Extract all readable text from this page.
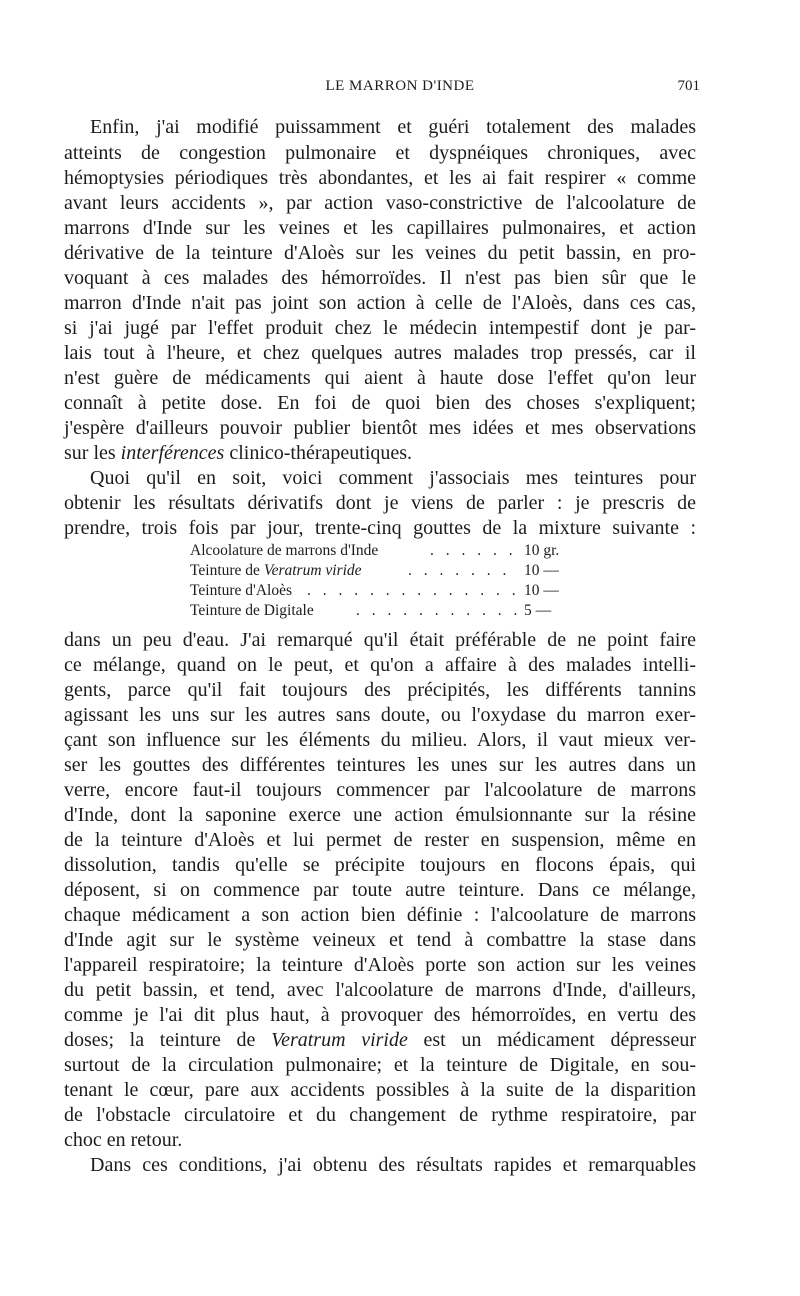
LE MARRON D'INDE	701
Enfin, j'ai modifié puissamment et guéri totalement des malades
atteints de congestion pulmonaire et dyspnéiques chroniques, avec
hémoptysies périodiques très abondantes, et les ai fait respirer « comme
avant leurs accidents », par action vaso-constrictive de l'alcoolature de
marrons d'Inde sur les veines et les capillaires pulmonaires, et action
dérivative de la teinture d'Aloès sur les veines du petit bassin, en pro-
voquant à ces malades des hémorroïdes. Il n'est pas bien sûr que le
marron d'Inde n'ait pas joint son action à celle de l'Aloès, dans ces cas,
si j'ai jugé par l'effet produit chez le médecin intempestif dont je par-
lais tout à l'heure, et chez quelques autres malades trop pressés, car il
n'est guère de médicaments qui aient à haute dose l'effet qu'on leur
connaît à petite dose. En foi de quoi bien des choses s'expliquent;
j'espère d'ailleurs pouvoir publier bientôt mes idées et mes observations
sur les interférences clinico-thérapeutiques.
Quoi qu'il en soit, voici comment j'associais mes teintures pour
obtenir les résultats dérivatifs dont je viens de parler : je prescris de
prendre, trois fois par jour, trente-cinq gouttes de la mixture suivante :
Alcoolature de marrons d'Inde	. . . . . . 10 gr.
Teinture de Veratrum viride	. . . . . . . 10 —
Teinture d'Aloès . . . . . . . . . . . . . . 10 —
Teinture de Digitale	. . . . . . . . . . . 5 —
dans un peu d'eau. J'ai remarqué qu'il était préférable de ne point faire
ce mélange, quand on le peut, et qu'on a affaire à des malades intelli-
gents, parce qu'il fait toujours des précipités, les différents tannins
agissant les uns sur les autres sans doute, ou l'oxydase du marron exer-
çant son influence sur les éléments du milieu. Alors, il vaut mieux ver-
ser les gouttes des différentes teintures les unes sur les autres dans un
verre, encore faut-il toujours commencer par l'alcoolature de marrons
d'Inde, dont la saponine exerce une action émulsionnante sur la résine
de la teinture d'Aloès et lui permet de rester en suspension, même en
dissolution, tandis qu'elle se précipite toujours en flocons épais, qui
déposent, si on commence par toute autre teinture. Dans ce mélange,
chaque médicament a son action bien définie : l'alcoolature de marrons
d'Inde agit sur le système veineux et tend à combattre la stase dans
l'appareil respiratoire; la teinture d'Aloès porte son action sur les veines
du petit bassin, et tend, avec l'alcoolature de marrons d'Inde, d'ailleurs,
comme je l'ai dit plus haut, à provoquer des hémorroïdes, en vertu des
doses; la teinture de Veratrum viride est un médicament dépresseur
surtout de la circulation pulmonaire; et la teinture de Digitale, en sou-
tenant le cœur, pare aux accidents possibles à la suite de la disparition
de l'obstacle circulatoire et du changement de rythme respiratoire, par
choc en retour.
Dans ces conditions, j'ai obtenu des résultats rapides et remarquables
